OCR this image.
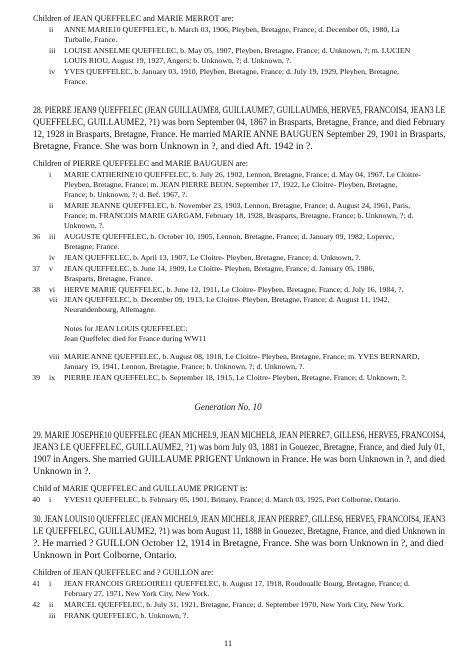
Children of JEAN QUEFFELEC and MARIE MERROT are:
ANNE MARIE10 QUEFFELEC, b. March 03, 1906, Pleyben, Bretagne, France; d. December 05, 1980, La
Turballe, France.
LOUISE ANSELME QUEFFELEC, b. May 05, 1907, Pleyben, Bretagne, France; d. Unknown, ?; m. LUCIEN
LOUIS RIOU, August 19, 1927, Angers; b. Unknown, ?; d. Unknown, ?.
YVES QUEFFELEC, b. January 03, 1910, Pleyben, Bretagne, France; d. July 19, 1929, Pleyben, Bretagne,
France.
28. PIERRE JEAN9 QUEFFELEC (JEAN GUILLAUME8, GUILLAUME7, GUILLAUME6, HERVE5, FRANCOIS4, JEAN3 LE
QUEFFELEC, GUILLAUME2, ?1) was born September 04, 1867 in Brasparts, Bretagne, France, and died February
12, 1928 in Brasparts, Bretagne, France. He married MARIE ANNE BAUGUEN September 29, 1901 in Brasparts,
Bretagne, France. She was born Unknown in ?, and died Aft. 1942 in ?.
Children of PIERRE QUEFFELEC and MARIE BAUGUEN are:
MARIE CATHERINE10 QUEFFELEC, b. July 26, 1902, Lennon, Bretagne, France; d. May 04, 1967, Le Cloitre-
Pleyben, Bretagne, France; m. JEAN PIERRE BEON, September 17, 1922, Le Cloitre- Pleyben, Bretagne,
France; b. Unknown, ?; d. Bef. 1967, ?.
MARIE JEANNE QUEFFELEC, b. November 23, 1903, Lennon, Bretagne, France; d. August 24, 1961, Paris,
France; m. FRANCOIS MARIE GARGAM, February 18, 1928, Brasparts, Bretagne, France; b. Unknown, ?; d.
Unknown, ?.
AUGUSTE QUEFFELEC, b. October 10, 1905, Lennon, Bretagne, France; d. January 09, 1982, Loperec,
Bretagne, France.
JEAN QUEFFELEC, b. April 13, 1907, Le Cloitre- Pleyben, Bretagne, France; d. Unknown, ?.
JEAN QUEFFELEC, b. June 14, 1909, Le Cloitre- Pleyben, Bretagne, France; d. January 05, 1986,
Brasparts, Bretagne, France.
HERVE MARIE QUEFFELEC, b. June 12, 1911, Le Cloitre- Pleyben, Bretagne, France; d. July 16, 1984, ?.
JEAN QUEFFELEC, b. December 09, 1913, Le Cloitre- Pleyben, Bretagne, France; d. August 11, 1942,
Neurandenbourg, Allemagne.
Notes for JEAN LOUIS QUEFFELEC:
Jean Queffelec died for France during WW11
MARIE ANNE QUEFFELEC, b. August 08, 1918, Le Cloitre- Pleyben, Bretagne, France; m. YVES BERNARD,
January 19, 1941, Lennon, Bretagne, France; b. Unknown, ?; d. Unknown, ?.
PIERRE JEAN QUEFFELEC, b. September 18, 1915, Le Cloitre- Pleyben, Bretagne, France; d. Unknown, ?.
29. MARIE JOSEPHE10 QUEFFELEC (JEAN MICHEL9, JEAN MICHEL8, JEAN PIERRE7, GILLES6, HERVE5, FRANCOIS4,
JEAN3 LE QUEFFELEC, GUILLAUME2, ?1) was born July 03, 1881 in Gouezec, Bretagne, France, and died July 01,
1907 in Angers. She married GUILLAUME PRIGENT Unknown in France. He was born Unknown in ?, and died
Unknown in ?.
Child of MARIE QUEFFELEC and GUILLAUME PRIGENT is:
YVES11 QUEFFELEC, b. February 05, 1901, Brittany, France; d. March 03, 1925, Port Colborne, Ontario.
30. JEAN LOUIS10 QUEFFELEC (JEAN MICHEL9, JEAN MICHEL8, JEAN PIERRE7, GILLES6, HERVE5, FRANCOIS4, JEAN3
LE QUEFFELEC, GUILLAUME2, ?1) was born August 11, 1888 in Gouezec, Bretagne, France, and died Unknown in
?. He married ? GUILLON October 12, 1914 in Bretagne, France. She was born Unknown in ?, and died
Unknown in Port Colborne, Ontario.
Children of JEAN QUEFFELEC and ? GUILLON are:
JEAN FRANCOIS GREGOIRE11 QUEFFELEC, b. August 17, 1918, Roudouallc Bourg, Bretagne, France; d.
February 27, 1971, New York City, New York.
MARCEL QUEFFELEC, b. July 31, 1921, Bretagne, France; d. September 1970, New York City, New York.
FRANK QUEFFELEC, b. Unknown, ?.
36
37
38
39
40
41
42
ii
iii
iv
i
ii
iii
iv
v
vi
vii
viii
ix
i
i
ii
iii
Generation No. 10
11
